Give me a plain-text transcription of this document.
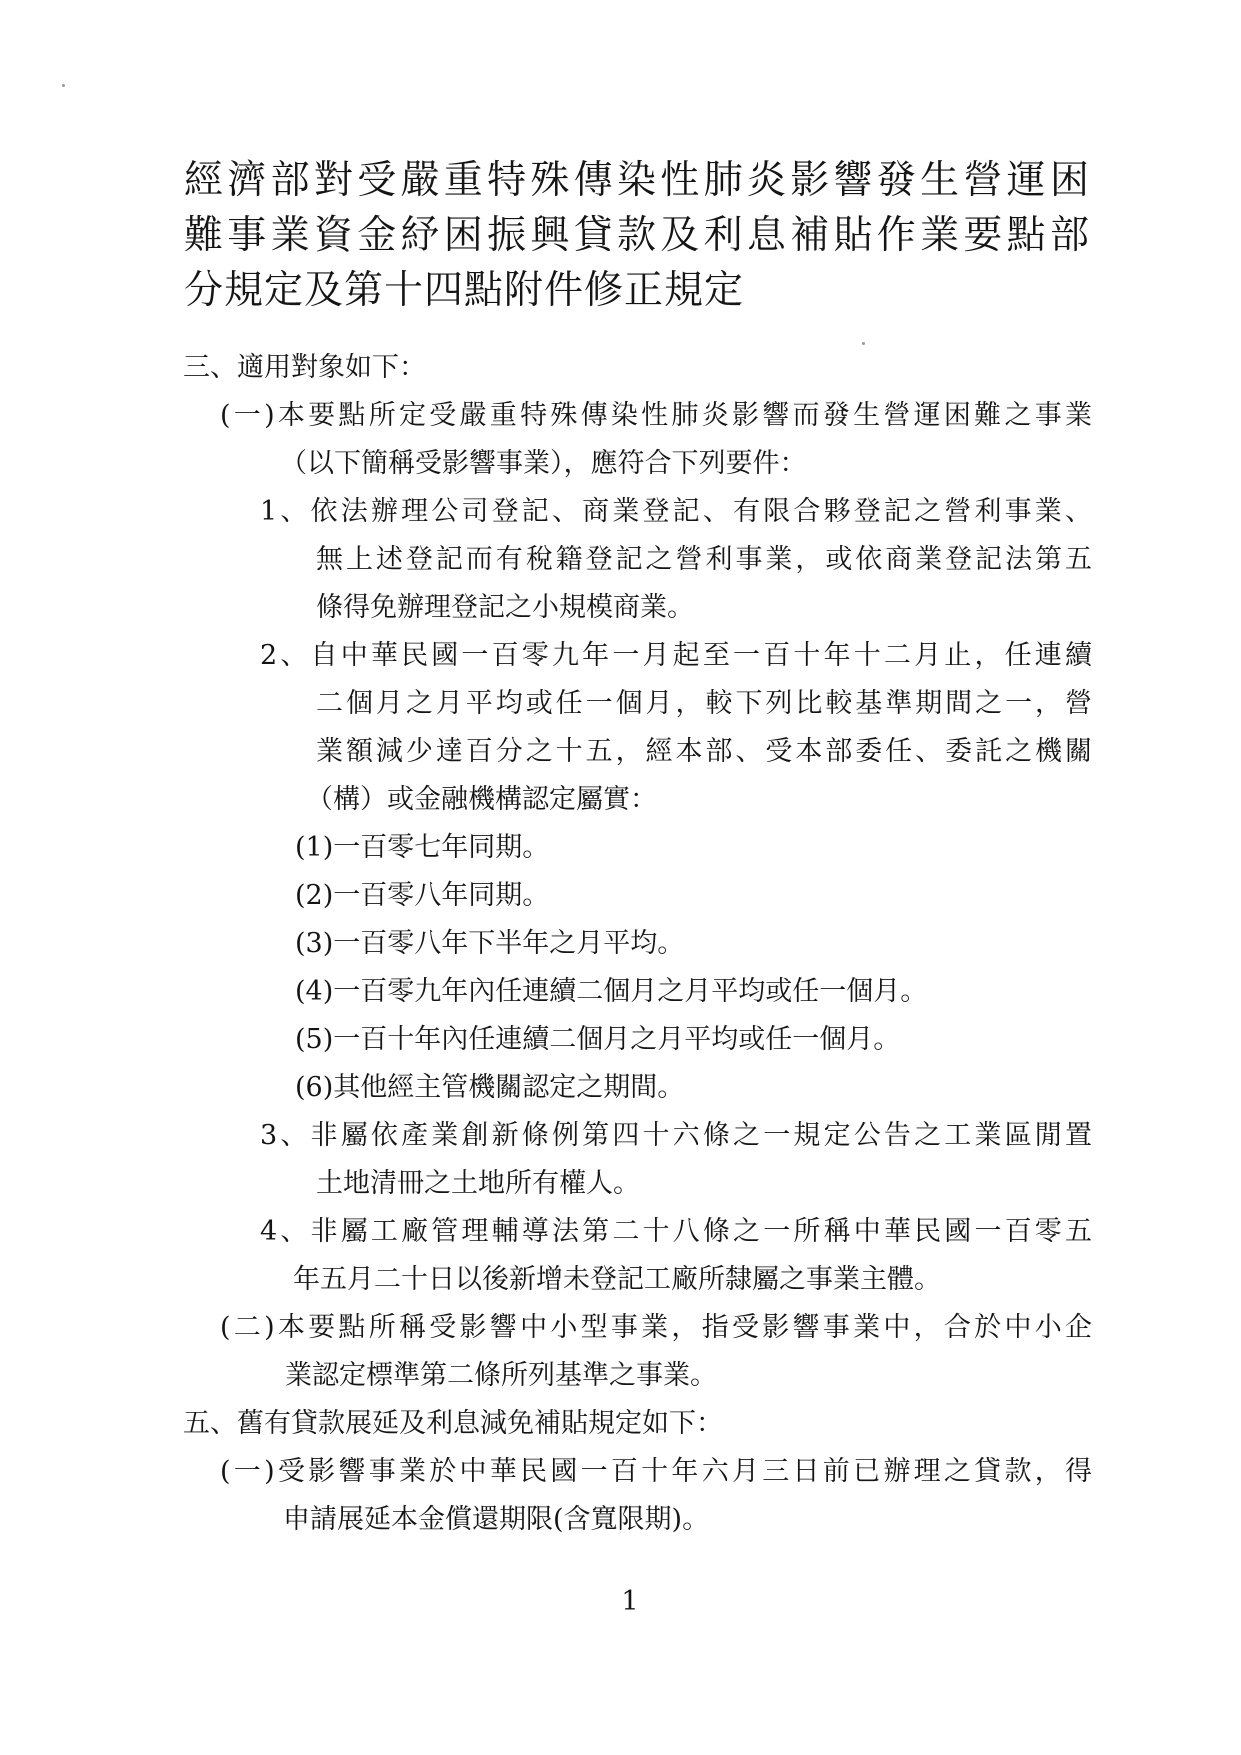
經濟部對受嚴重特殊傳染性肺炎影響發生營運困
難事業資金紓困振興貸款及利息補貼作業要點部
分規定及第十四點附件修正規定
三、適用對象如下：
(一)本要點所定受嚴重特殊傳染性肺炎影響而發生營運困難之事業
（以下簡稱受影響事業），應符合下列要件：
1、依法辦理公司登記、商業登記、有限合夥登記之營利事業、
無上述登記而有稅籍登記之營利事業，或依商業登記法第五
條得免辦理登記之小規模商業。
2、自中華民國一百零九年一月起至一百十年十二月止，任連續
二個月之月平均或任一個月，較下列比較基準期間之一，營
業額減少達百分之十五，經本部、受本部委任、委託之機關
（構）或金融機構認定屬實：
(1)一百零七年同期。
(2)一百零八年同期。
(3)一百零八年下半年之月平均。
(4)一百零九年內任連續二個月之月平均或任一個月。
(5)一百十年內任連續二個月之月平均或任一個月。
(6)其他經主管機關認定之期間。
3、非屬依產業創新條例第四十六條之一規定公告之工業區閒置
土地清冊之土地所有權人。
4、非屬工廠管理輔導法第二十八條之一所稱中華民國一百零五
年五月二十日以後新增未登記工廠所隸屬之事業主體。
(二)本要點所稱受影響中小型事業，指受影響事業中，合於中小企
業認定標準第二條所列基準之事業。
五、舊有貸款展延及利息減免補貼規定如下：
(一)受影響事業於中華民國一百十年六月三日前已辦理之貸款，得
申請展延本金償還期限(含寬限期)。
1
